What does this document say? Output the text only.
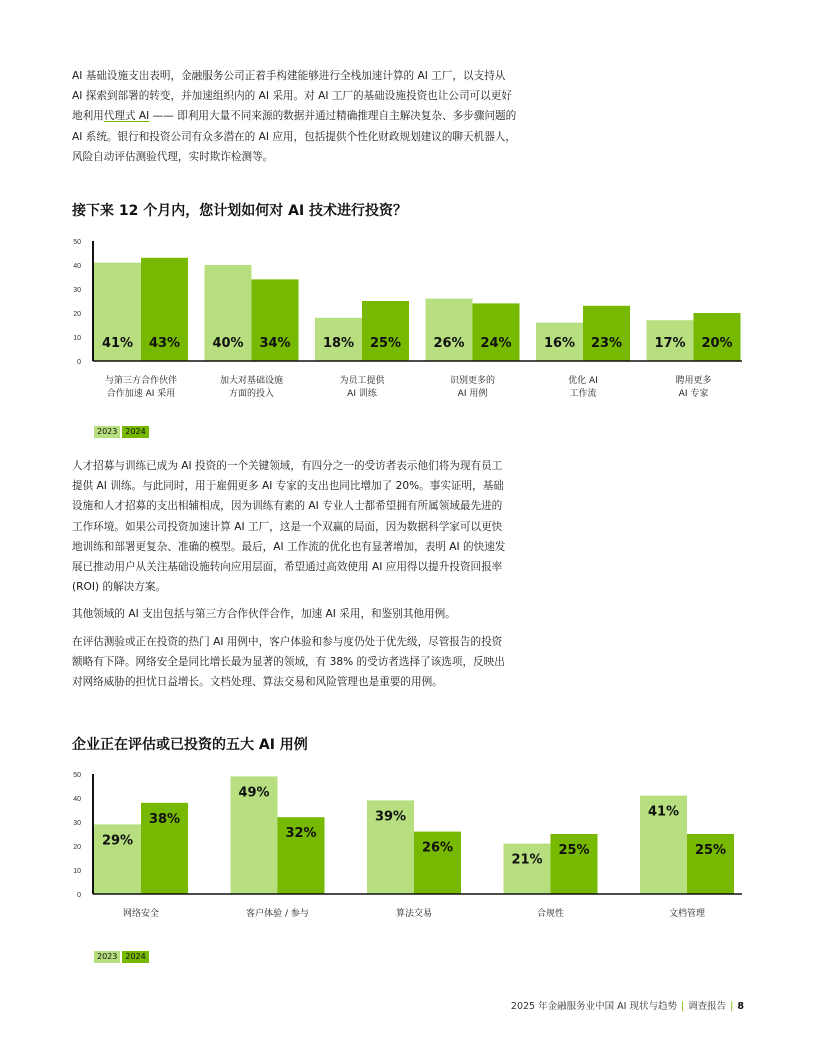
AI 基础设施支出表明，金融服务公司正着手构建能够进行全栈加速计算的 AI 工厂，以支持从 AI 探索到部署的转变，并加速组织内的 AI 采用。对 AI 工厂的基础设施投资也让公司可以更好地利用代理式 AI —— 即利用大量不同来源的数据并通过精确推理自主解决复杂、多步骤问题的 AI 系统。银行和投资公司有众多潜在的 AI 应用，包括提供个性化财政规划建议的聊天机器人，风险自动评估测验代理，实时欺诈检测等。

接下来 12 个月内，您计划如何对 AI 技术进行投资？
0
10
20
30
40
50
41% 43%
与第三方合作伙伴
合作加速 AI 采用
40% 34%
加大对基础设施
方面的投入
18% 25%
为员工提供
AI 训练
26% 24%
识别更多的
AI 用例
16% 23%
优化 AI
工作流
17% 20%
聘用更多
AI 专家
2023	2024

人才招募与训练已成为 AI 投资的一个关键领域，有四分之一的受访者表示他们将为现有员工提供 AI 训练。与此同时，用于雇佣更多 AI 专家的支出也同比增加了 20%。事实证明，基础设施和人才招募的支出相辅相成，因为训练有素的 AI 专业人士都希望拥有所属领域最先进的工作环境。如果公司投资加速计算 AI 工厂，这是一个双赢的局面，因为数据科学家可以更快地训练和部署更复杂、准确的模型。最后，AI 工作流的优化也有显著增加，表明 AI 的快速发展已推动用户从关注基础设施转向应用层面，希望通过高效使用 AI 应用得以提升投资回报率 (ROI) 的解决方案。

其他领域的 AI 支出包括与第三方合作伙伴合作，加速 AI 采用，和鉴别其他用例。

在评估测验或正在投资的热门 AI 用例中，客户体验和参与度仍处于优先级，尽管报告的投资额略有下降。网络安全是同比增长最为显著的领域，有 38% 的受访者选择了该选项，反映出对网络威胁的担忧日益增长。文档处理、算法交易和风险管理也是重要的用例。

企业正在评估或已投资的五大 AI 用例
0
10
20
30
40
50
29%
38%
网络安全
49%
32%
客户体验 / 参与
39%
26%
算法交易
21%
25%
合规性
41%
25%
文档管理
2023	2024
2025 年金融服务业中国 AI 现状与趋势 | 调查报告 | 8
